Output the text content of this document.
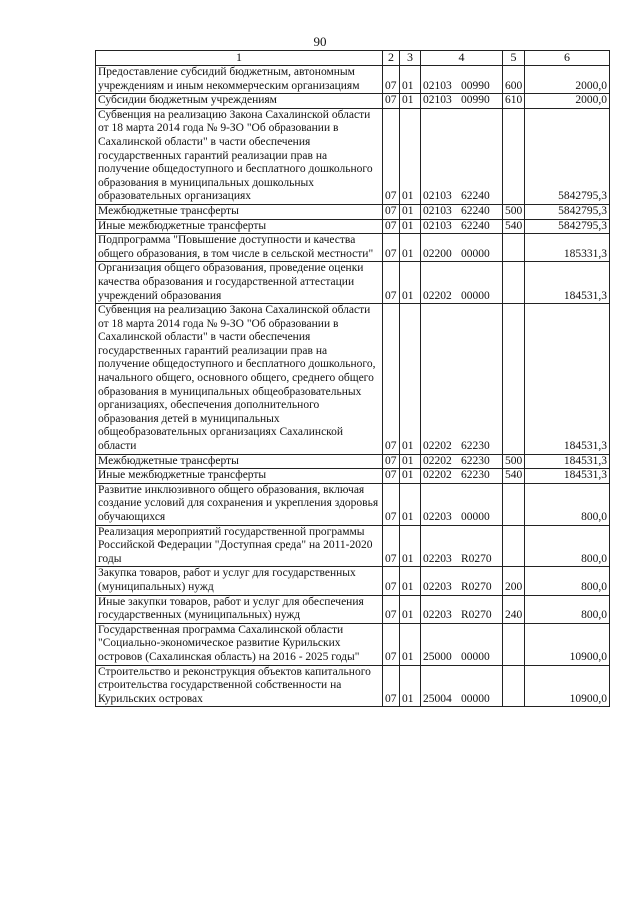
90
1	2	3	4	5	6
Предоставление субсидий бюджетным, автономным учреждениям и иным некоммерческим организациям	07	01	02103 00990	600	2000,0
Субсидии бюджетным учреждениям	07	01	02103 00990	610	2000,0
Субвенция на реализацию Закона Сахалинской области от 18 марта 2014 года № 9-ЗО "Об образовании в Сахалинской области" в части обеспечения государственных гарантий реализации прав на получение общедоступного и бесплатного дошкольного образования в муниципальных дошкольных образовательных организациях	07	01	02103 62240		5842795,3
Межбюджетные трансферты	07	01	02103 62240	500	5842795,3
Иные межбюджетные трансферты	07	01	02103 62240	540	5842795,3
Подпрограмма "Повышение доступности и качества общего образования, в том числе в сельской местности"	07	01	02200 00000		185331,3
Организация общего образования, проведение оценки качества образования и государственной аттестации учреждений образования	07	01	02202 00000		184531,3
Субвенция на реализацию Закона Сахалинской области от 18 марта 2014 года № 9-ЗО "Об образовании в Сахалинской области" в части обеспечения государственных гарантий реализации прав на получение общедоступного и бесплатного дошкольного, начального общего, основного общего, среднего общего образования в муниципальных общеобразовательных организациях, обеспечения дополнительного образования детей в муниципальных общеобразовательных организациях Сахалинской области	07	01	02202 62230		184531,3
Межбюджетные трансферты	07	01	02202 62230	500	184531,3
Иные межбюджетные трансферты	07	01	02202 62230	540	184531,3
Развитие инклюзивного общего образования, включая создание условий для сохранения и укрепления здоровья обучающихся	07	01	02203 00000		800,0
Реализация мероприятий государственной программы Российской Федерации "Доступная среда" на 2011-2020 годы	07	01	02203 R0270		800,0
Закупка товаров, работ и услуг для государственных (муниципальных) нужд	07	01	02203 R0270	200	800,0
Иные закупки товаров, работ и услуг для обеспечения государственных (муниципальных) нужд	07	01	02203 R0270	240	800,0
Государственная программа Сахалинской области "Социально-экономическое развитие Курильских островов (Сахалинская область) на 2016 - 2025 годы"	07	01	25000 00000		10900,0
Строительство и реконструкция объектов капитального строительства государственной собственности на Курильских островах	07	01	25004 00000		10900,0
